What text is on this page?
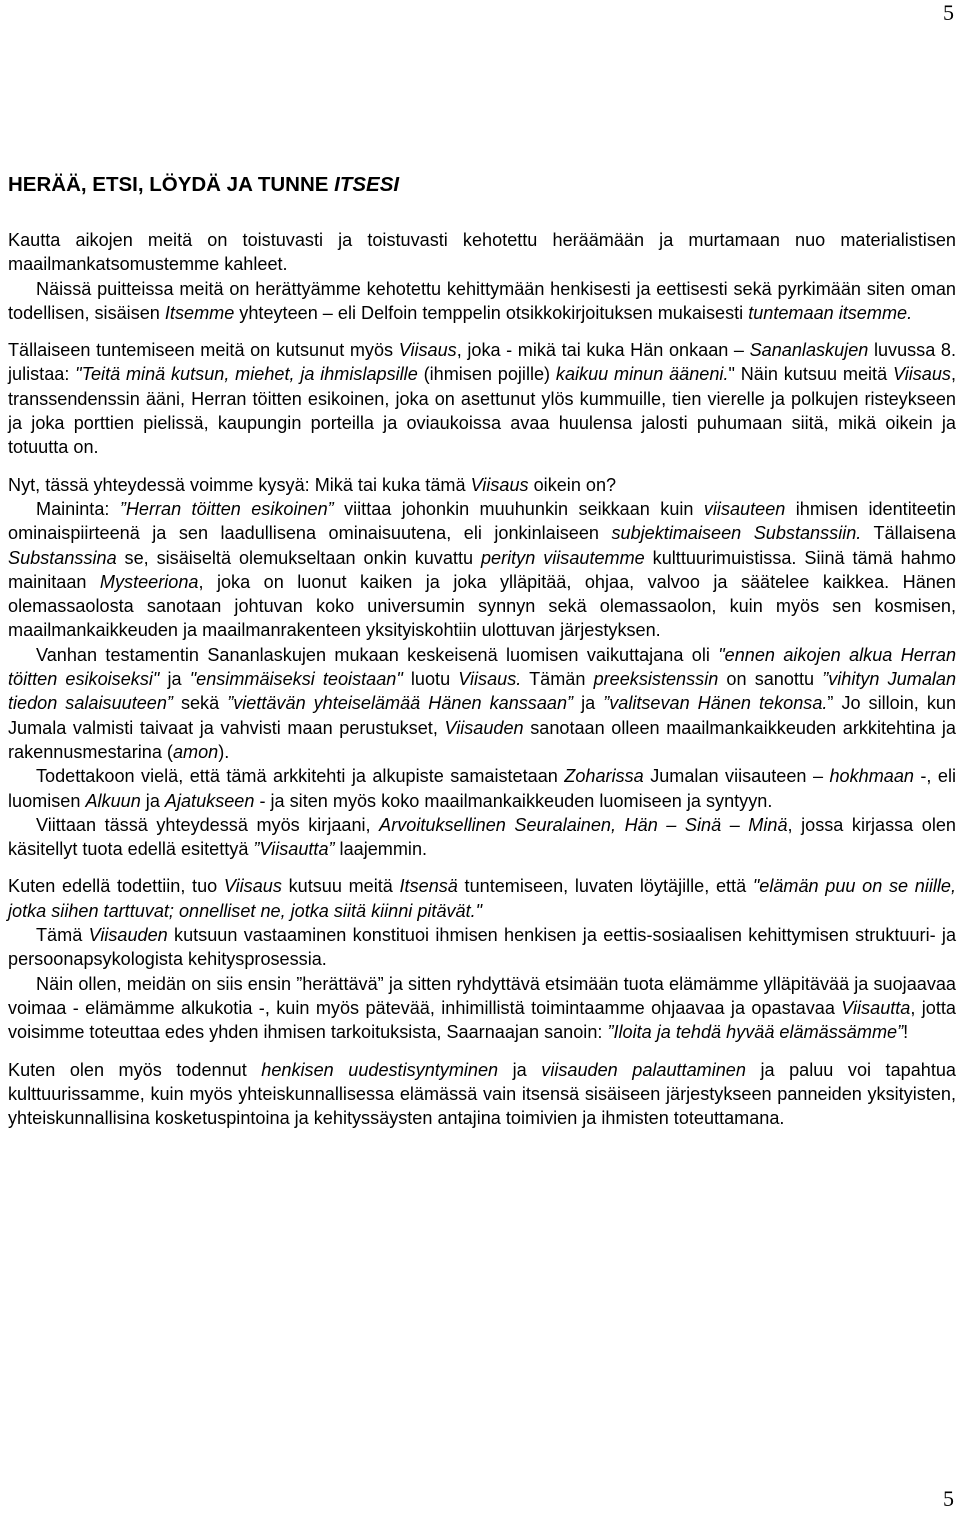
5
HERÄÄ, ETSI, LÖYDÄ JA TUNNE ITSESI

Kautta aikojen meitä on toistuvasti ja toistuvasti kehotettu heräämään ja murtamaan nuo materialistisen maailmankatsomustemme kahleet.

Näissä puitteissa meitä on herättyämme kehotettu kehittymään henkisesti ja eettisesti sekä pyrkimään siten oman todellisen, sisäisen Itsemme yhteyteen – eli Delfoin temppelin otsikkokirjoituksen mukaisesti tuntemaan itsemme.

Tällaiseen tuntemiseen meitä on kutsunut myös Viisaus, joka - mikä tai kuka Hän onkaan – Sananlaskujen luvussa 8. julistaa: "Teitä minä kutsun, miehet, ja ihmislapsille (ihmisen pojille) kaikuu minun ääneni." Näin kutsuu meitä Viisaus, transsendenssin ääni, Herran töitten esikoinen, joka on asettunut ylös kummuille, tien vierelle ja polkujen risteykseen ja joka porttien pielissä, kaupungin porteilla ja oviaukoissa avaa huulensa jalosti puhumaan siitä, mikä oikein ja totuutta on.

Nyt, tässä yhteydessä voimme kysyä: Mikä tai kuka tämä Viisaus oikein on?

Maininta: ”Herran töitten esikoinen” viittaa johonkin muuhunkin seikkaan kuin viisauteen ihmisen identiteetin ominaispiirteenä ja sen laadullisena ominaisuutena, eli jonkinlaiseen subjektimaiseen Substanssiin. Tällaisena Substanssina se, sisäiseltä olemukseltaan onkin kuvattu perityn viisautemme kulttuurimuistissa. Siinä tämä hahmo mainitaan Mysteeriona, joka on luonut kaiken ja joka ylläpitää, ohjaa, valvoo ja säätelee kaikkea. Hänen olemassaolosta sanotaan johtuvan koko universumin synnyn sekä olemassaolon, kuin myös sen kosmisen, maailmankaikkeuden ja maailmanrakenteen yksityiskohtiin ulottuvan järjestyksen.

Vanhan testamentin Sananlaskujen mukaan keskeisenä luomisen vaikuttajana oli "ennen aikojen alkua Herran töitten esikoiseksi" ja "ensimmäiseksi teoistaan" luotu Viisaus. Tämän preeksistenssin on sanottu ”vihityn Jumalan tiedon salaisuuteen” sekä ”viettävän yhteiselämää Hänen kanssaan” ja ”valitsevan Hänen tekonsa.” Jo silloin, kun Jumala valmisti taivaat ja vahvisti maan perustukset, Viisauden sanotaan olleen maailmankaikkeuden arkkitehtina ja rakennusmestarina (amon).

Todettakoon vielä, että tämä arkkitehti ja alkupiste samaistetaan Zoharissa Jumalan viisauteen – hokhmaan -, eli luomisen Alkuun ja Ajatukseen - ja siten myös koko maailmankaikkeuden luomiseen ja syntyyn.

Viittaan tässä yhteydessä myös kirjaani, Arvoituksellinen Seuralainen, Hän – Sinä – Minä, jossa kirjassa olen käsitellyt tuota edellä esitettyä ”Viisautta” laajemmin.

Kuten edellä todettiin, tuo Viisaus kutsuu meitä Itsensä tuntemiseen, luvaten löytäjille, että "elämän puu on se niille, jotka siihen tarttuvat; onnelliset ne, jotka siitä kiinni pitävät."

Tämä Viisauden kutsuun vastaaminen konstituoi ihmisen henkisen ja eettis-sosiaalisen kehittymisen struktuuri- ja persoonapsykologista kehitysprosessia.

Näin ollen, meidän on siis ensin ”herättävä” ja sitten ryhdyttävä etsimään tuota elämämme ylläpitävää ja suojaavaa voimaa - elämämme alkukotia -, kuin myös pätevää, inhimillistä toimintaamme ohjaavaa ja opastavaa Viisautta, jotta voisimme toteuttaa edes yhden ihmisen tarkoituksista, Saarnaajan sanoin: ”Iloita ja tehdä hyvää elämässämme”!

Kuten olen myös todennut henkisen uudestisyntyminen ja viisauden palauttaminen ja paluu voi tapahtua kulttuurissamme, kuin myös yhteiskunnallisessa elämässä vain itsensä sisäiseen järjestykseen panneiden yksityisten, yhteiskunnallisina kosketuspintoina ja kehityssäysten antajina toimivien ja ihmisten toteuttamana.

5
